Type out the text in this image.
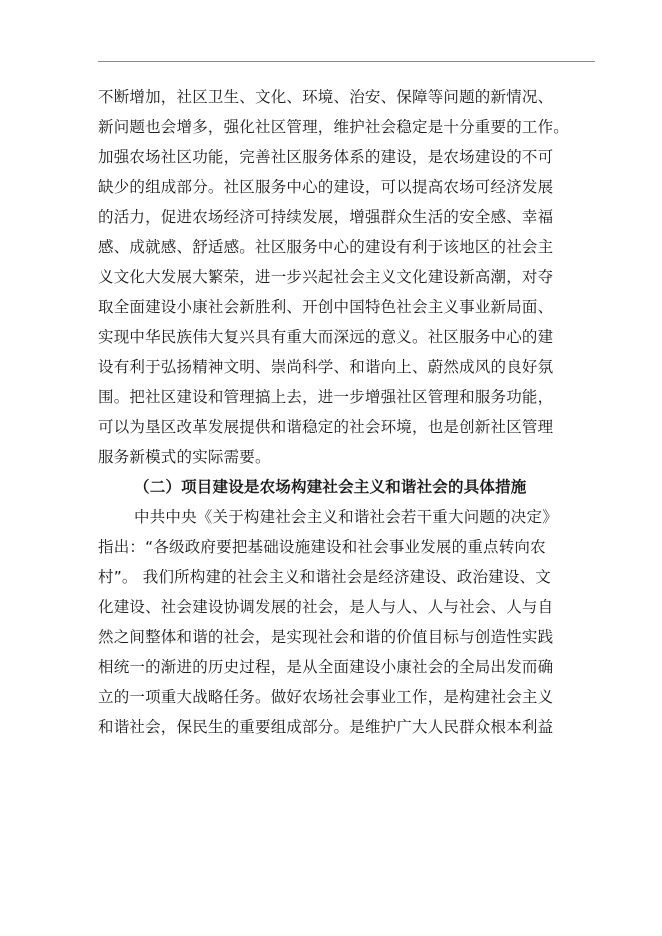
不断增加，社区卫生、文化、环境、治安、保障等问题的新情况、
新问题也会增多，强化社区管理，维护社会稳定是十分重要的工作。
加强农场社区功能，完善社区服务体系的建设，是农场建设的不可
缺少的组成部分。社区服务中心的建设，可以提高农场可经济发展
的活力，促进农场经济可持续发展，增强群众生活的安全感、幸福
感、成就感、舒适感。社区服务中心的建设有利于该地区的社会主
义文化大发展大繁荣，进一步兴起社会主义文化建设新高潮，对夺
取全面建设小康社会新胜利、开创中国特色社会主义事业新局面、
实现中华民族伟大复兴具有重大而深远的意义。社区服务中心的建
设有利于弘扬精神文明、崇尚科学、和谐向上、蔚然成风的良好氛
围。把社区建设和管理搞上去，进一步增强社区管理和服务功能，
可以为垦区改革发展提供和谐稳定的社会环境，也是创新社区管理
服务新模式的实际需要。
（二）项目建设是农场构建社会主义和谐社会的具体措施
中共中央《关于构建社会主义和谐社会若干重大问题的决定》
指出：“各级政府要把基础设施建设和社会事业发展的重点转向农
村”。 我们所构建的社会主义和谐社会是经济建设、政治建设、文
化建设、社会建设协调发展的社会，是人与人、人与社会、人与自
然之间整体和谐的社会，是实现社会和谐的价值目标与创造性实践
相统一的渐进的历史过程，是从全面建设小康社会的全局出发而确
立的一项重大战略任务。做好农场社会事业工作，是构建社会主义
和谐社会，保民生的重要组成部分。是维护广大人民群众根本利益
